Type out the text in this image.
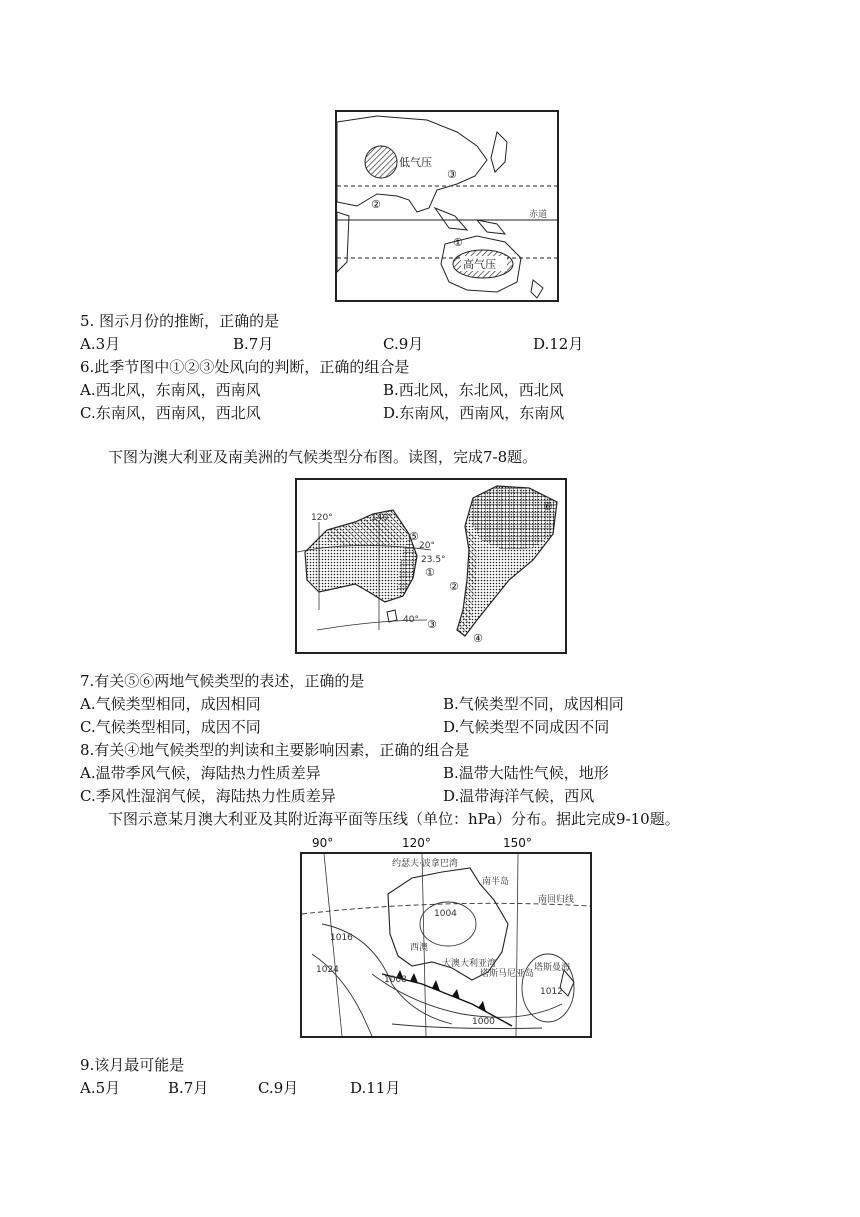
低气压
高气压
赤道
③
②
①
5. 图示月份的推断，正确的是
A.3月	B.7月	C.9月	D.12月
6.此季节图中①②③处风向的判断，正确的组合是
A.西北风，东南风，西南风	B.西北风，东北风，西北风
C.东南风，西南风，西北风	D.东南风，西南风，东南风
下图为澳大利亚及南美洲的气候类型分布图。读图，完成7-8题。
120°	140°
20°
23.5°
40°
①
②
③
④
⑤
⑥
7.有关⑤⑥两地气候类型的表述，正确的是
A.气候类型相同，成因相同	B.气候类型不同，成因相同
C.气候类型相同，成因不同	D.气候类型不同成因不同
8.有关④地气候类型的判读和主要影响因素，正确的组合是
A.温带季风气候，海陆热力性质差异	B.温带大陆性气候，地形
C.季风性湿润气候，海陆热力性质差异	D.温带海洋气候，西风
下图示意某月澳大利亚及其附近海平面等压线（单位：hPa）分布。据此完成9-10题。
90°	120°	150°
约瑟夫·波拿巴湾
南半岛
南回归线
西澳
大澳大利亚湾
塔斯马尼亚岛
塔斯曼海
1004
1008
1016
1024
1000
1012
9.该月最可能是
A.5月	B.7月	C.9月	D.11月
